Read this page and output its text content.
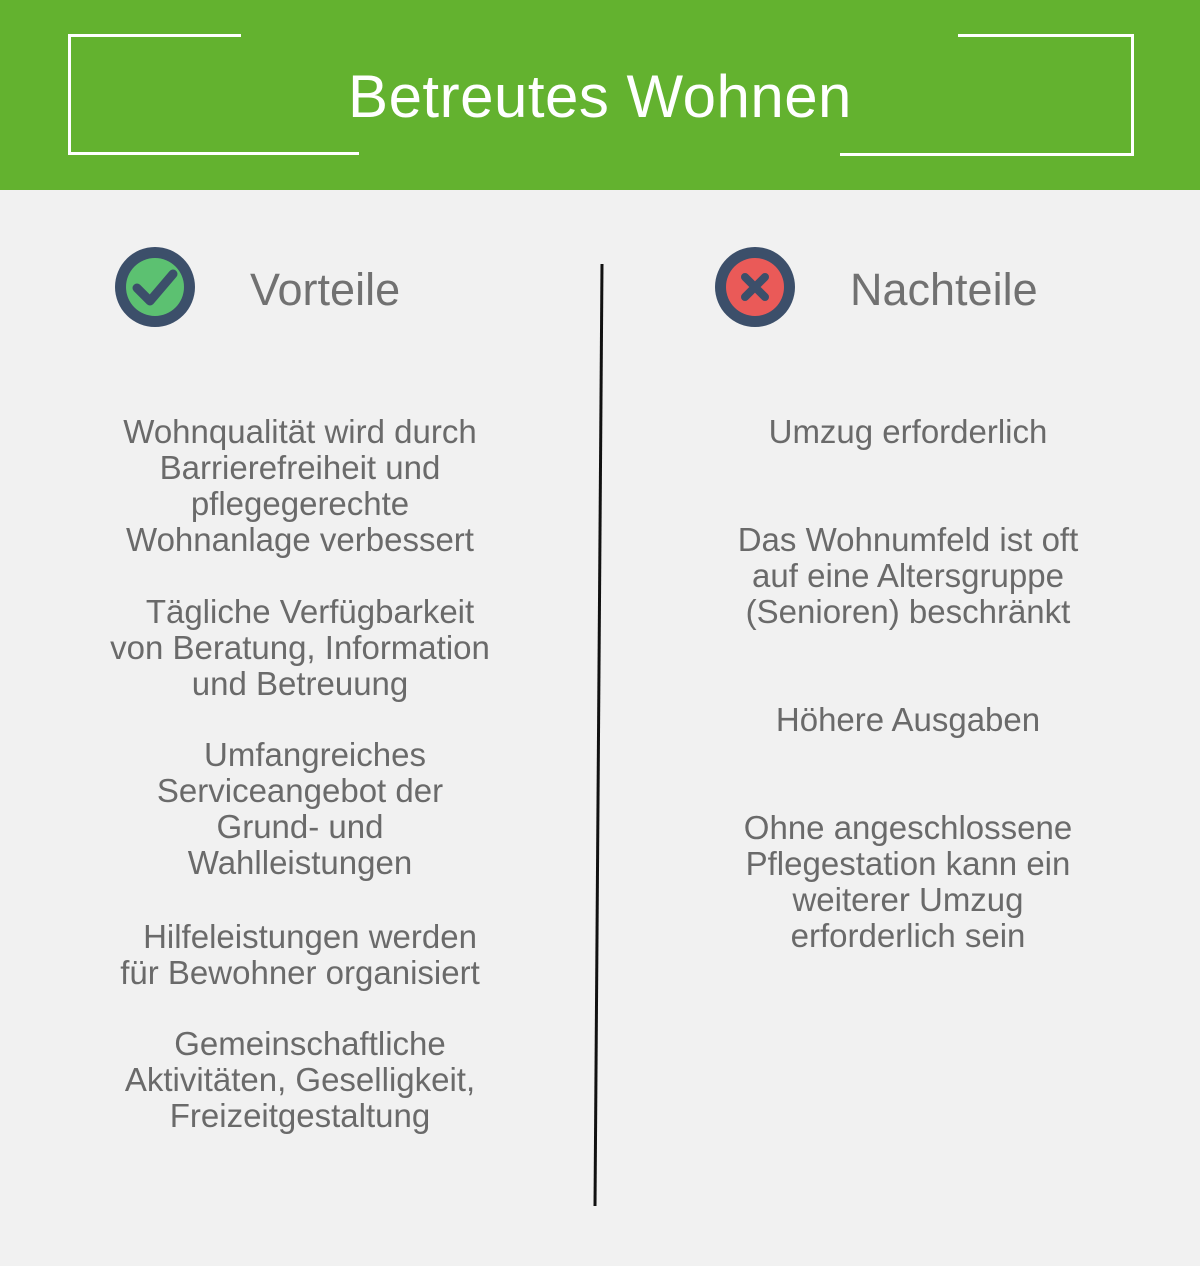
Betreutes Wohnen
Vorteile	Nachteile
Wohnqualität wird durch
Barrierefreiheit und
pflegegerechte
Wohnanlage verbessert
Tägliche Verfügbarkeit
von Beratung, Information
und Betreuung
Umfangreiches
Serviceangebot der
Grund- und
Wahlleistungen
Hilfeleistungen werden
für Bewohner organisiert
Gemeinschaftliche
Aktivitäten, Geselligkeit,
Freizeitgestaltung
Umzug erforderlich
Das Wohnumfeld ist oft
auf eine Altersgruppe
(Senioren) beschränkt
Höhere Ausgaben
Ohne angeschlossene
Pflegestation kann ein
weiterer Umzug
erforderlich sein
